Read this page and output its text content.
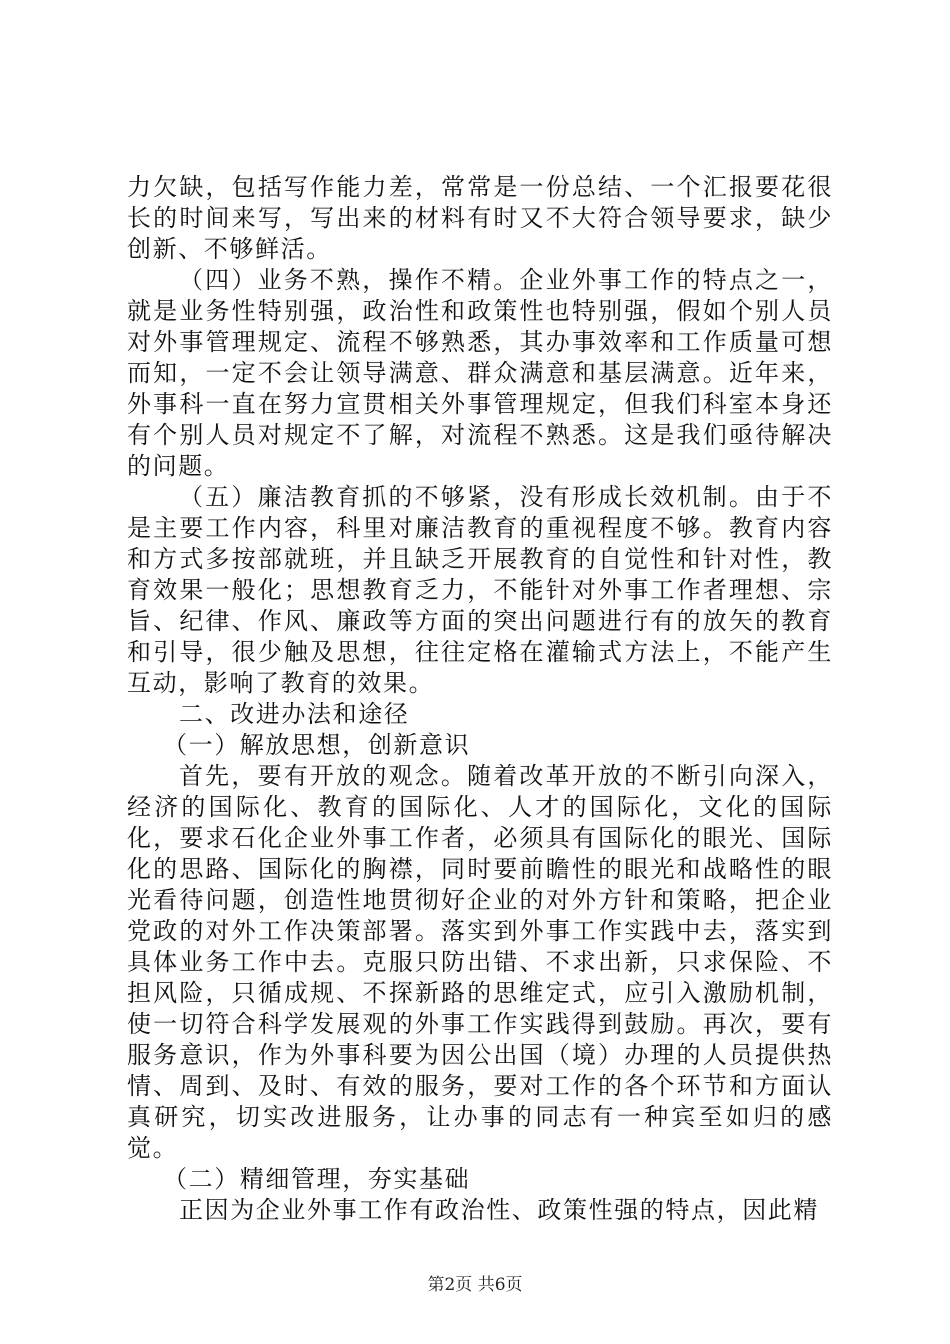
力欠缺，包括写作能力差，常常是一份总结、一个汇报要花很长的时间来写，写出来的材料有时又不大符合领导要求，缺少创新、不够鲜活。

（四）业务不熟，操作不精。企业外事工作的特点之一，就是业务性特别强，政治性和政策性也特别强，假如个别人员对外事管理规定、流程不够熟悉，其办事效率和工作质量可想而知，一定不会让领导满意、群众满意和基层满意。近年来，外事科一直在努力宣贯相关外事管理规定，但我们科室本身还有个别人员对规定不了解，对流程不熟悉。这是我们亟待解决的问题。

（五）廉洁教育抓的不够紧，没有形成长效机制。由于不是主要工作内容，科里对廉洁教育的重视程度不够。教育内容和方式多按部就班，并且缺乏开展教育的自觉性和针对性，教育效果一般化；思想教育乏力，不能针对外事工作者理想、宗旨、纪律、作风、廉政等方面的突出问题进行有的放矢的教育和引导，很少触及思想，往往定格在灌输式方法上，不能产生互动，影响了教育的效果。

二、改进办法和途径

（一）解放思想，创新意识

首先，要有开放的观念。随着改革开放的不断引向深入，经济的国际化、教育的国际化、人才的国际化，文化的国际化，要求石化企业外事工作者，必须具有国际化的眼光、国际化的思路、国际化的胸襟，同时要前瞻性的眼光和战略性的眼光看待问题，创造性地贯彻好企业的对外方针和策略，把企业党政的对外工作决策部署。落实到外事工作实践中去，落实到具体业务工作中去。克服只防出错、不求出新，只求保险、不担风险，只循成规、不探新路的思维定式，应引入激励机制，使一切符合科学发展观的外事工作实践得到鼓励。再次，要有服务意识，作为外事科要为因公出国（境）办理的人员提供热情、周到、及时、有效的服务，要对工作的各个环节和方面认真研究，切实改进服务，让办事的同志有一种宾至如归的感觉。

（二）精细管理，夯实基础

正因为企业外事工作有政治性、政策性强的特点，因此精

第2页 共6页
